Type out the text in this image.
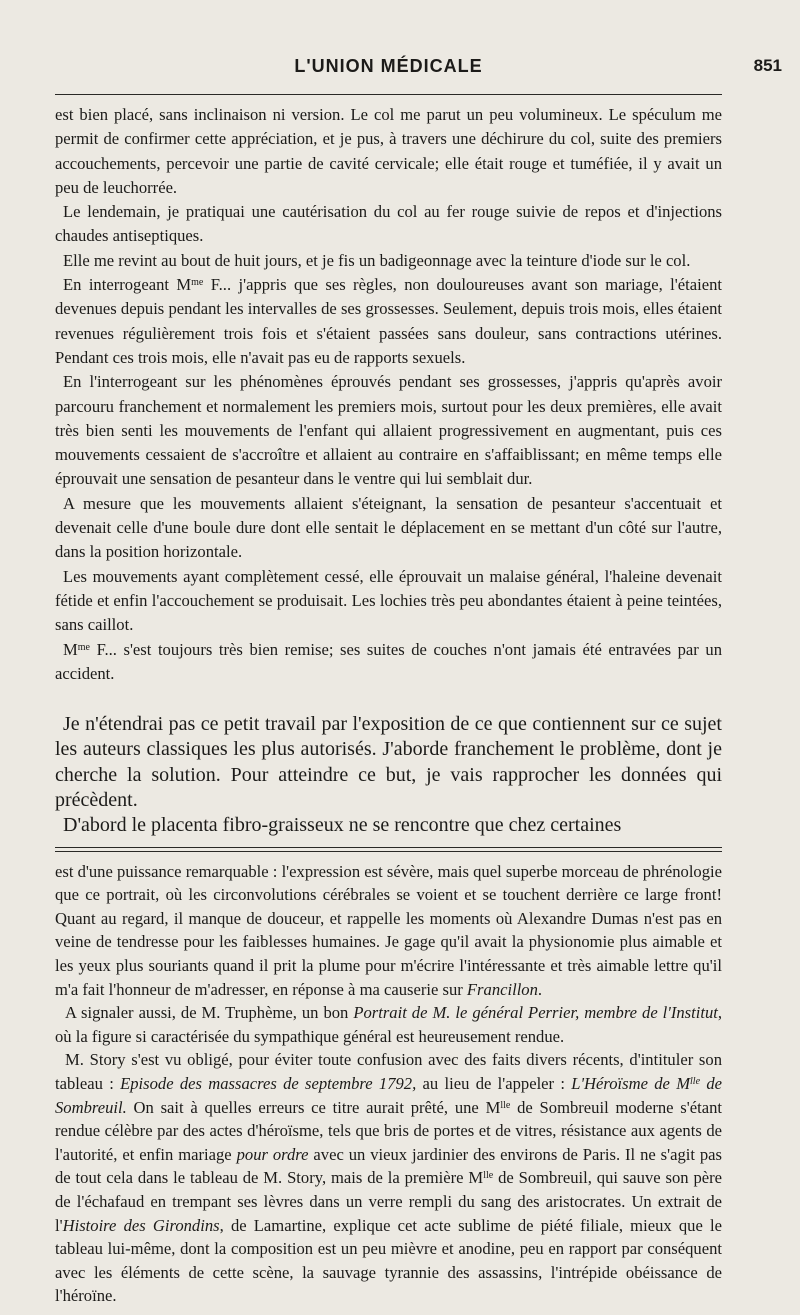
L'UNION MÉDICALE	851

est bien placé, sans inclinaison ni version. Le col me parut un peu volumineux. Le spéculum me permit de confirmer cette appréciation, et je pus, à travers une déchirure du col, suite des premiers accouchements, percevoir une partie de cavité cervicale; elle était rouge et tuméfiée, il y avait un peu de leuchorrée.

Le lendemain, je pratiquai une cautérisation du col au fer rouge suivie de repos et d'injections chaudes antiseptiques.

Elle me revint au bout de huit jours, et je fis un badigeonnage avec la teinture d'iode sur le col.

En interrogeant $M^{me}$ F... j'appris que ses règles, non douloureuses avant son mariage, l'étaient devenues depuis pendant les intervalles de ses grossesses. Seulement, depuis trois mois, elles étaient revenues régulièrement trois fois et s'étaient passées sans douleur, sans contractions utérines. Pendant ces trois mois, elle n'avait pas eu de rapports sexuels.

En l'interrogeant sur les phénomènes éprouvés pendant ses grossesses, j'appris qu'après avoir parcouru franchement et normalement les premiers mois, surtout pour les deux premières, elle avait très bien senti les mouvements de l'enfant qui allaient progressivement en augmentant, puis ces mouvements cessaient de s'accroître et allaient au contraire en s'affaiblissant; en même temps elle éprouvait une sensation de pesanteur dans le ventre qui lui semblait dur.

A mesure que les mouvements allaient s'éteignant, la sensation de pesanteur s'accentuait et devenait celle d'une boule dure dont elle sentait le déplacement en se mettant d'un côté sur l'autre, dans la position horizontale.

Les mouvements ayant complètement cessé, elle éprouvait un malaise général, l'haleine devenait fétide et enfin l'accouchement se produisait. Les lochies très peu abondantes étaient à peine teintées, sans caillot.

$M^{me}$ F... s'est toujours très bien remise; ses suites de couches n'ont jamais été entravées par un accident.

Je n'étendrai pas ce petit travail par l'exposition de ce que contiennent sur ce sujet les auteurs classiques les plus autorisés. J'aborde franchement le problème, dont je cherche la solution. Pour atteindre ce but, je vais rapprocher les données qui précèdent.

D'abord le placenta fibro-graisseux ne se rencontre que chez certaines

est d'une puissance remarquable : l'expression est sévère, mais quel superbe morceau de phrénologie que ce portrait, où les circonvolutions cérébrales se voient et se touchent derrière ce large front! Quant au regard, il manque de douceur, et rappelle les moments où Alexandre Dumas n'est pas en veine de tendresse pour les faiblesses humaines. Je gage qu'il avait la physionomie plus aimable et les yeux plus souriants quand il prit la plume pour m'écrire l'intéressante et très aimable lettre qu'il m'a fait l'honneur de m'adresser, en réponse à ma causerie sur Francillon.

A signaler aussi, de M. Truphème, un bon Portrait de M. le général Perrier, membre de l'Institut, où la figure si caractérisée du sympathique général est heureusement rendue.

M. Story s'est vu obligé, pour éviter toute confusion avec des faits divers récents, d'intituler son tableau : Episode des massacres de septembre 1792, au lieu de l'appeler : L'Héroïsme de $M^{lle}$ de Sombreuil. On sait à quelles erreurs ce titre aurait prêté, une $M^{lle}$ de Sombreuil moderne s'étant rendue célèbre par des actes d'héroïsme, tels que bris de portes et de vitres, résistance aux agents de l'autorité, et enfin mariage pour ordre avec un vieux jardinier des environs de Paris. Il ne s'agit pas de tout cela dans le tableau de M. Story, mais de la première $M^{lle}$ de Sombreuil, qui sauve son père de l'échafaud en trempant ses lèvres dans un verre rempli du sang des aristocrates. Un extrait de l'Histoire des Girondins, de Lamartine, explique cet acte sublime de piété filiale, mieux que le tableau lui-même, dont la composition est un peu mièvre et anodine, peu en rapport par conséquent avec les éléments de cette scène, la sauvage tyrannie des assassins, l'intrépide obéissance de l'héroïne.
